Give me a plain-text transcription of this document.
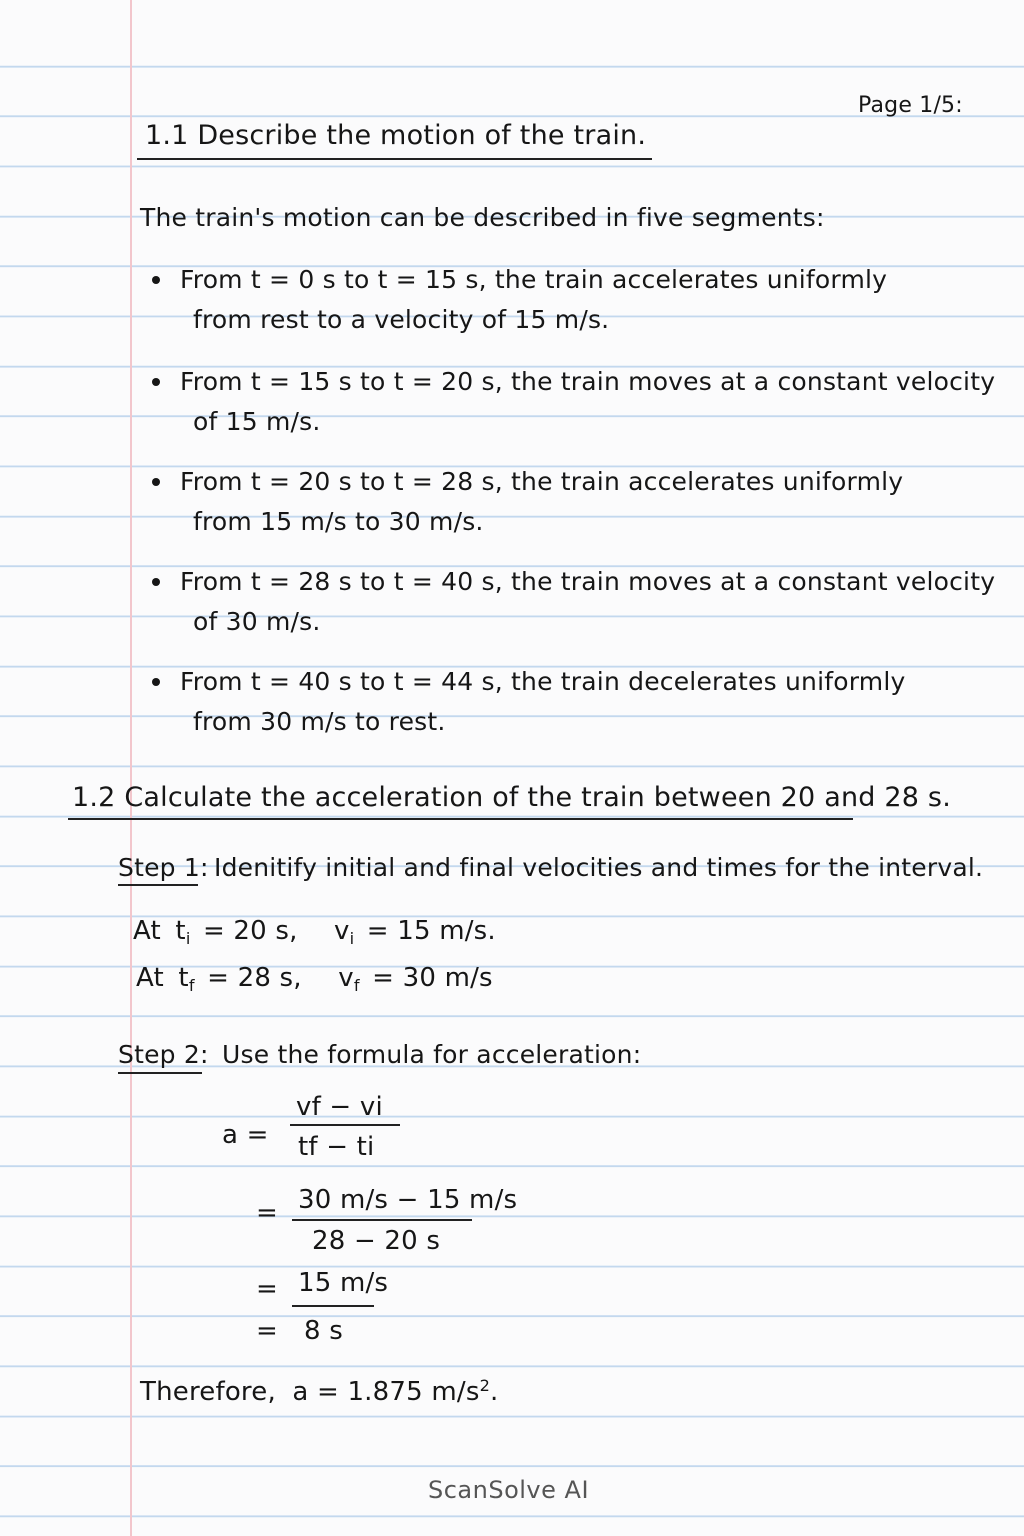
Page 1/5:
1.1 Describe the motion of the train.
The train's motion can be described in five segments:
From t = 0 s to t = 15 s, the train accelerates uniformly
from rest to a velocity of 15 m/s.
From t = 15 s to t = 20 s, the train moves at a constant velocity
of 15 m/s.
From t = 20 s to t = 28 s, the train accelerates uniformly
from 15 m/s to 30 m/s.
From t = 28 s to t = 40 s, the train moves at a constant velocity
of 30 m/s.
From t = 40 s to t = 44 s, the train decelerates uniformly
from 30 m/s to rest.
1.2 Calculate the acceleration of the train between 20 and 28 s.
Step 1: Idenitify initial and final velocities and times for the interval.
At $t_i = 20$ s, $v_i = 15$ m/s.
At $t_f = 28$ s, $v_f = 30$ m/s
Step 2: Use the formula for acceleration:
a =
vf − vi
tf − ti
= 30 m/s − 15 m/s
28 − 20 s
= 15 m/s
= 8 s
Therefore, a = 1.875 $m/s^2$.
ScanSolve AI
